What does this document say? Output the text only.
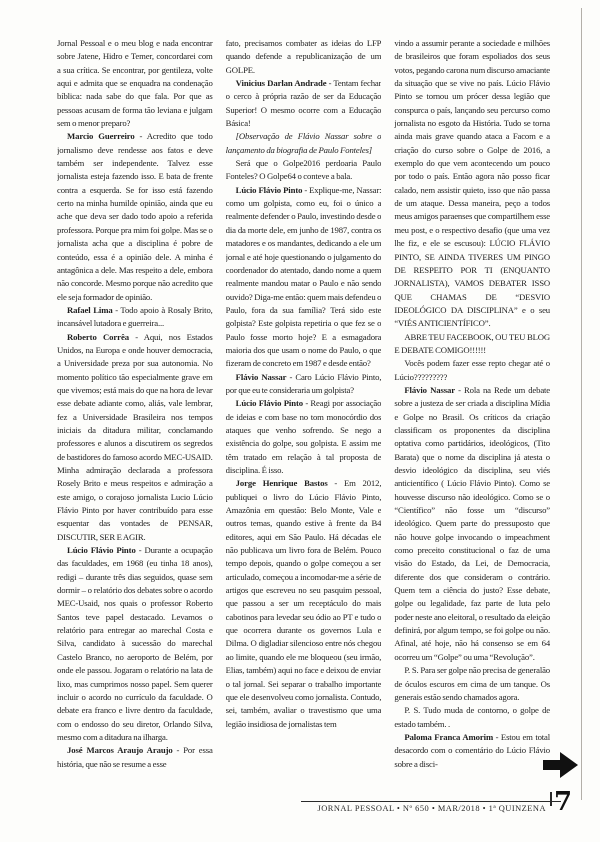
Jornal Pessoal e o meu blog e nada encontrar sobre Jatene, Hidro e Temer, concordarei com a sua crítica. Se encontrar, por gentileza, volte aqui e admita que se enquadra na condenação bíblica: nada sabe do que fala. Por que as pessoas acusam de forma tão leviana e julgam sem o menor preparo?

Marcio Guerreiro - Acredito que todo jornalismo deve rendesse aos fatos e deve também ser independente. Talvez esse jornalista esteja fazendo isso. E bata de frente contra a esquerda. Se for isso está fazendo certo na minha humilde opinião, ainda que eu ache que deva ser dado todo apoio a referida professora. Porque pra mim foi golpe. Mas se o jornalista acha que a disciplina é pobre de conteúdo, essa é a opinião dele. A minha é antagônica a dele. Mas respeito a dele, embora não concorde. Mesmo porque não acredito que ele seja formador de opinião.

Rafael Lima - Todo apoio à Rosaly Brito, incansável lutadora e guerreira...

Roberto Corrêa - Aqui, nos Estados Unidos, na Europa e onde houver democracia, a Universidade preza por sua autonomia. No momento político tão especialmente grave em que vivemos; está mais do que na hora de levar esse debate adiante como, aliás, vale lembrar, fez a Universidade Brasileira nos tempos iniciais da ditadura militar, conclamando professores e alunos a discutirem os segredos de bastidores do famoso acordo MEC-USAID. Minha admiração declarada a professora Rosely Brito e meus respeitos e admiração a este amigo, o corajoso jornalista Lucio Lúcio Flávio Pinto por haver contribuído para esse esquentar das vontades de PENSAR, DISCUTIR, SER E AGIR.

Lúcio Flávio Pinto - Durante a ocupação das faculdades, em 1968 (eu tinha 18 anos), redigi – durante três dias seguidos, quase sem dormir – o relatório dos debates sobre o acordo MEC-Usaid, nos quais o professor Roberto Santos teve papel destacado. Levamos o relatório para entregar ao marechal Costa e Silva, candidato à sucessão do marechal Castelo Branco, no aeroporto de Belém, por onde ele passou. Jogaram o relatório na lata de lixo, mas cumprimos nosso papel. Sem querer incluir o acordo no currículo da faculdade. O debate era franco e livre dentro da faculdade, com o endosso do seu diretor, Orlando Silva, mesmo com a ditadura na ilharga.

José Marcos Araujo Araujo - Por essa história, que não se resume a esse

fato, precisamos combater as ideias do LFP quando defende a republicanização de um GOLPE.

Vinicius Darlan Andrade - Tentam fechar o cerco à própria razão de ser da Educação Superior! O mesmo ocorre com a Educação Básica!

[Observação de Flávio Nassar sobre o lançamento da biografia de Paulo Fonteles]

Será que o Golpe2016 perdoaria Paulo Fonteles? O Golpe64 o conteve a bala.

Lúcio Flávio Pinto - Explique-me, Nassar: como um golpista, como eu, foi o único a realmente defender o Paulo, investindo desde o dia da morte dele, em junho de 1987, contra os matadores e os mandantes, dedicando a ele um jornal e até hoje questionando o julgamento do coordenador do atentado, dando nome a quem realmente mandou matar o Paulo e não sendo ouvido? Diga-me então: quem mais defendeu o Paulo, fora da sua família? Terá sido este golpista? Este golpista repetiria o que fez se o Paulo fosse morto hoje? E a esmagadora maioria dos que usam o nome do Paulo, o que fizeram de concreto em 1987 e desde então?

Flávio Nassar - Caro Lúcio Flávio Pinto, por que eu te consideraria um golpista?

Lúcio Flávio Pinto - Reagi por associação de ideias e com base no tom monocórdio dos ataques que venho sofrendo. Se nego a existência do golpe, sou golpista. E assim me têm tratado em relação à tal proposta de disciplina. É isso.

Jorge Henrique Bastos - Em 2012, publiquei o livro do Lúcio Flávio Pinto, Amazônia em questão: Belo Monte, Vale e outros temas, quando estive à frente da B4 editores, aqui em São Paulo. Há décadas ele não publicava um livro fora de Belém. Pouco tempo depois, quando o golpe começou a ser articulado, começou a incomodar-me a série de artigos que escreveu no seu pasquim pessoal, que passou a ser um receptáculo do mais cabotinos para levedar seu ódio ao PT e tudo o que ocorrera durante os governos Lula e Dilma. O digladiar silencioso entre nós chegou ao limite, quando ele me bloqueou (seu irmão, Elias, também) aqui no face e deixou de enviar o tal jornal. Sei separar o trabalho importante que ele desenvolveu como jornalista. Contudo, sei, também, avaliar o travestismo que uma legião insidiosa de jornalistas tem

vindo a assumir perante a sociedade e milhões de brasileiros que foram espoliados dos seus votos, pegando carona num discurso amaciante da situação que se vive no país. Lúcio Flávio Pinto se tornou um prócer dessa legião que conspurca o país, lançando seu percurso como jornalista no esgoto da História. Tudo se torna ainda mais grave quando ataca a Facom e a criação do curso sobre o Golpe de 2016, a exemplo do que vem acontecendo um pouco por todo o país. Então agora não posso ficar calado, nem assistir quieto, isso que não passa de um ataque. Dessa maneira, peço a todos meus amigos paraenses que compartilhem esse meu post, e o respectivo desafio (que uma vez lhe fiz, e ele se escusou): LÚCIO FLÁVIO PINTO, SE AINDA TIVERES UM PINGO DE RESPEITO POR TI (ENQUANTO JORNALISTA), VAMOS DEBATER ISSO QUE CHAMAS DE “DESVIO IDEOLÓGICO DA DISCIPLINA” e o seu “VIÉS ANTICIENTÍFICO”.

ABRE TEU FACEBOOK, OU TEU BLOG E DEBATE COMIGO!!!!!!

Vocês podem fazer esse repto chegar até o Lúcio?????????

Flávio Nassar - Rola na Rede um debate sobre a justeza de ser criada a disciplina Mídia e Golpe no Brasil. Os críticos da criação classificam os proponentes da disciplina optativa como partidários, ideológicos, (Tito Barata) que o nome da disciplina já atesta o desvio ideológico da disciplina, seu viés anticientífico ( Lúcio Flávio Pinto). Como se houvesse discurso não ideológico. Como se o “Científico” não fosse um “discurso” ideológico. Quem parte do pressuposto que não houve golpe invocando o impeachment como preceito constitucional o faz de uma visão do Estado, da Lei, de Democracia, diferente dos que consideram o contrário. Quem tem a ciência do justo? Esse debate, golpe ou legalidade, faz parte de luta pelo poder neste ano eleitoral, o resultado da eleição definirá, por algum tempo, se foi golpe ou não. Afinal, até hoje, não há consenso se em 64 ocorreu um “Golpe” ou uma “Revolução”.

P. S. Para ser golpe não precisa de generalão de óculos escuros em cima de um tanque. Os generais estão sendo chamados agora.

P. S. Tudo muda de contorno, o golpe de estado também. .

Paloma Franca Amorim - Estou em total desacordo com o comentário do Lúcio Flávio sobre a disci-

JORNAL PESSOAL • Nº 650 • MAR/2018 • 1ª QUINZENA 7
